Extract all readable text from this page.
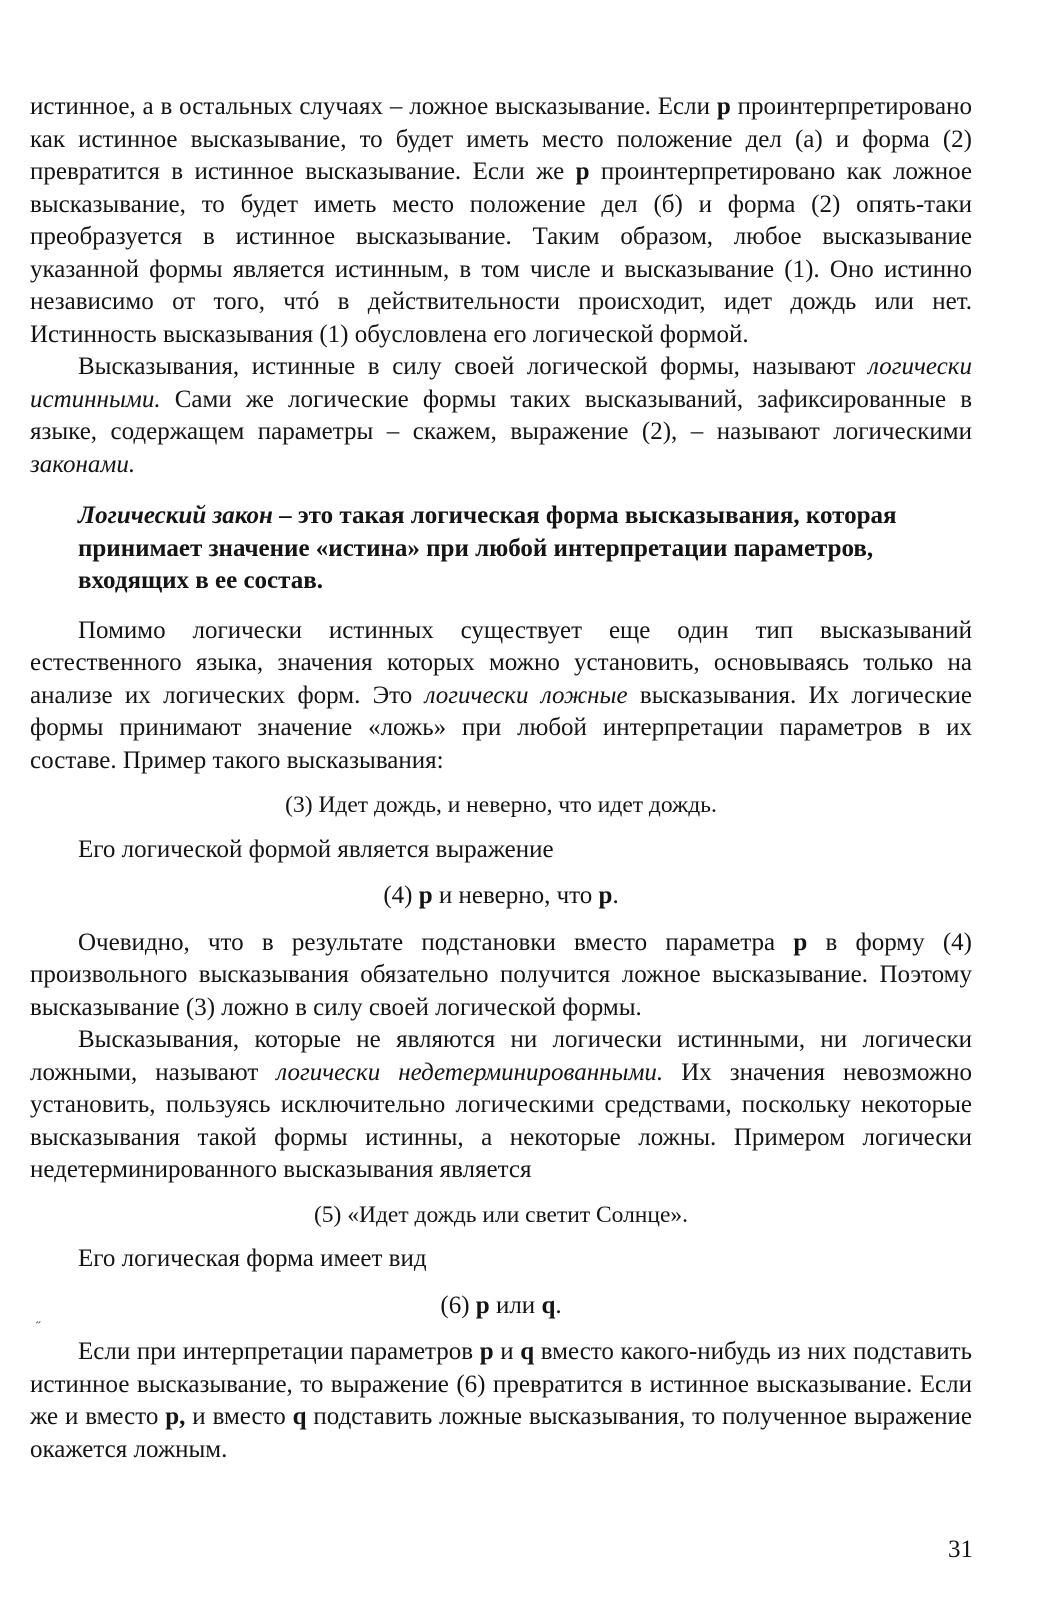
истинное, а в остальных случаях – ложное высказывание. Если p проинтерпретировано как истинное высказывание, то будет иметь место положение дел (а) и форма (2) превратится в истинное высказывание. Если же p проинтерпретировано как ложное высказывание, то будет иметь место положение дел (б) и форма (2) опять-таки преобразуется в истинное высказывание. Таким образом, любое высказывание указанной формы является истинным, в том числе и высказывание (1). Оно истинно независимо от того, чтó в действительности происходит, идет дождь или нет. Истинность высказывания (1) обусловлена его логической формой.

Высказывания, истинные в силу своей логической формы, называют логически истинными. Сами же логические формы таких высказываний, зафиксированные в языке, содержащем параметры – скажем, выражение (2), – называют логическими законами.

Логический закон – это такая логическая форма высказывания, которая принимает значение «истина» при любой интерпретации параметров, входящих в ее состав.

Помимо логически истинных существует еще один тип высказываний естественного языка, значения которых можно установить, основываясь только на анализе их логических форм. Это логически ложные высказывания. Их логические формы принимают значение «ложь» при любой интерпретации параметров в их составе. Пример такого высказывания:

(3) Идет дождь, и неверно, что идет дождь.

Его логической формой является выражение

(4) p и неверно, что p.

Очевидно, что в результате подстановки вместо параметра p в форму (4) произвольного высказывания обязательно получится ложное высказывание. Поэтому высказывание (3) ложно в силу своей логической формы.

Высказывания, которые не являются ни логически истинными, ни логически ложными, называют логически недетерминированными. Их значения невозможно установить, пользуясь исключительно логическими средствами, поскольку некоторые высказывания такой формы истинны, а некоторые ложны. Примером логически недетерминированного высказывания является

(5) «Идет дождь или светит Солнце».

Его логическая форма имеет вид

(6) p или q.

Если при интерпретации параметров p и q вместо какого-нибудь из них подставить истинное высказывание, то выражение (6) превратится в истинное высказывание. Если же и вместо p, и вместо q подставить ложные высказывания, то полученное выражение окажется ложным.

˶
31
